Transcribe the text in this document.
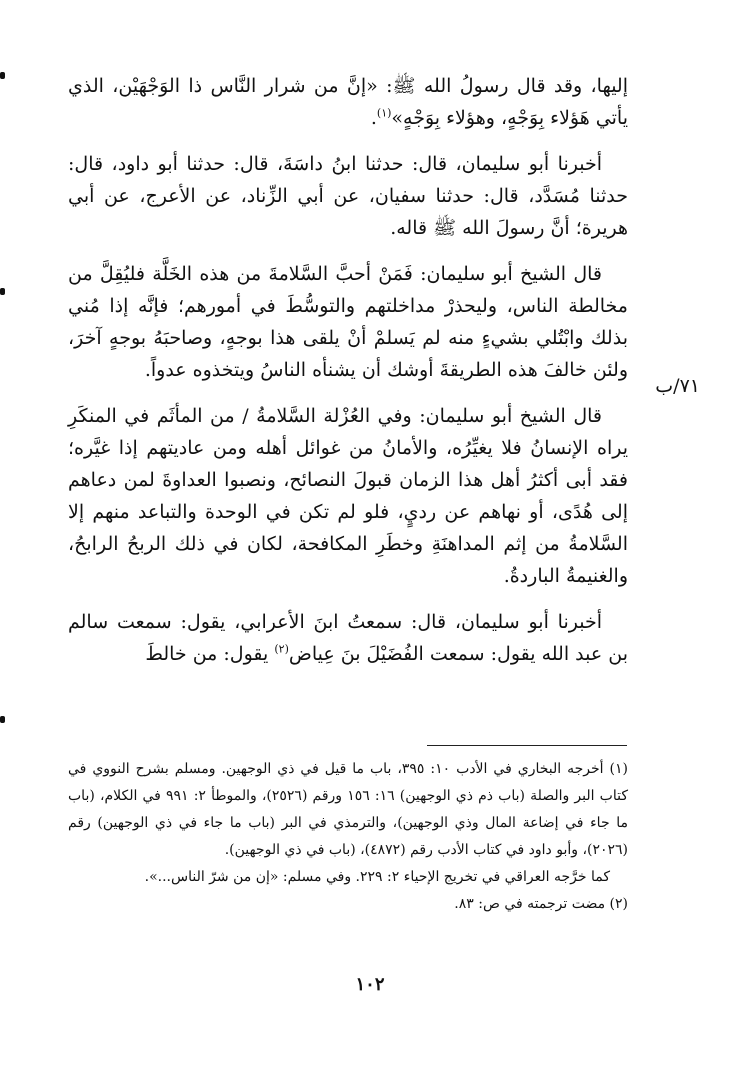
٧١/ب

إليها، وقد قال رسولُ الله ﷺ: «إنَّ من شرار النَّاس ذا الوَجْهَيْن، الذي يأتي هَؤلاء بِوَجْهٍ، وهؤلاء بِوَجْهٍ»$^{(١)}$.

أخبرنا أبو سليمان، قال: حدثنا ابنُ داسَةَ، قال: حدثنا أبو داود، قال: حدثنا مُسَدَّد، قال: حدثنا سفيان، عن أبي الزِّناد، عن الأعرج، عن أبي هريرة؛ أنَّ رسولَ الله ﷺ قاله.

قال الشيخ أبو سليمان: فَمَنْ أحبَّ السَّلامةَ من هذه الخَلَّة فليُقِلَّ من مخالطة الناس، وليحذرْ مداخلتهم والتوسُّطَ في أمورهم؛ فإنَّه إذا مُني بذلك وابْتُلي بشيءٍ منه لم يَسلمْ أنْ يلقى هذا بوجهٍ، وصاحبَهُ بوجهٍ آخرَ، ولئن خالفَ هذه الطريقةَ أوشك أن يشنأه الناسُ ويتخذوه عدواً.

قال الشيخ أبو سليمان: وفي العُزْلة السَّلامةُ / من المأثَم في المنكَرِ يراه الإنسانُ فلا يغيِّرُه، والأمانُ من غوائل أهله ومن عاديتهم إذا غيَّره؛ فقد أبى أكثرُ أهل هذا الزمان قبولَ النصائح، ونصبوا العداوةَ لمن دعاهم إلى هُدًى، أو نهاهم عن رديٍ، فلو لم تكن في الوحدة والتباعد منهم إلا السَّلامةُ من إثم المداهنَةِ وخطَرِ المكافحة، لكان في ذلك الربحُ الرابحُ، والغنيمةُ الباردةُ.

أخبرنا أبو سليمان، قال: سمعتُ ابنَ الأعرابي، يقول: سمعت سالم بن عبد الله يقول: سمعت الفُضَيْلَ بنَ عِياض$^{(٢)}$ يقول: من خالطَ

(١) أخرجه البخاري في الأدب ١٠: ٣٩٥، باب ما قيل في ذي الوجهين. ومسلم بشرح النووي في كتاب البر والصلة (باب ذم ذي الوجهين) ١٦: ١٥٦ ورقم (٢٥٢٦)، والموطأ ٢: ٩٩١ في الكلام، (باب ما جاء في إضاعة المال وذي الوجهين)، والترمذي في البر (باب ما جاء في ذي الوجهين) رقم (٢٠٢٦)، وأبو داود في كتاب الأدب رقم (٤٨٧٢)، (باب في ذي الوجهين).

كما خرَّجه العراقي في تخريج الإحياء ٢: ٢٢٩. وفي مسلم: «إن من شرّ الناس...».

(٢) مضت ترجمته في ص: ٨٣.

١٠٢
